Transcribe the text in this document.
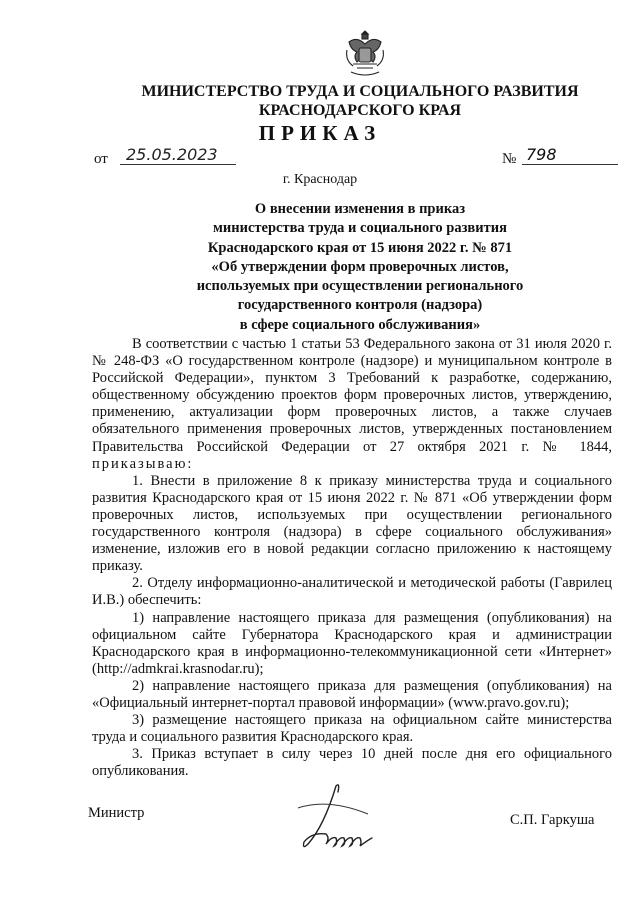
МИНИСТЕРСТВО ТРУДА И СОЦИАЛЬНОГО РАЗВИТИЯ
КРАСНОДАРСКОГО КРАЯ
ПРИКАЗ
от	25.05.2023	№ 798
г. Краснодар
О внесении изменения в приказ
министерства труда и социального развития
Краснодарского края от 15 июня 2022 г. № 871
«Об утверждении форм проверочных листов,
используемых при осуществлении регионального
государственного контроля (надзора)
в сфере социального обслуживания»

В соответствии с частью 1 статьи 53 Федерального закона от 31 июля 2020 г. № 248-ФЗ «О государственном контроле (надзоре) и муниципальном контроле в Российской Федерации», пунктом 3 Требований к разработке, содержанию, общественному обсуждению проектов форм проверочных листов, утверждению, применению, актуализации форм проверочных листов, а также случаев обязательного применения проверочных листов, утвержденных постановлением Правительства Российской Федерации от 27 октября 2021 г. № 1844, приказываю:

1. Внести в приложение 8 к приказу министерства труда и социального развития Краснодарского края от 15 июня 2022 г. № 871 «Об утверждении форм проверочных листов, используемых при осуществлении регионального государственного контроля (надзора) в сфере социального обслуживания» изменение, изложив его в новой редакции согласно приложению к настоящему приказу.

2. Отделу информационно-аналитической и методической работы (Гаврилец И.В.) обеспечить:

1) направление настоящего приказа для размещения (опубликования) на официальном сайте Губернатора Краснодарского края и администрации Краснодарского края в информационно-телекоммуникационной сети «Интернет» (http://admkrai.krasnodar.ru);

2) направление настоящего приказа для размещения (опубликования) на «Официальный интернет-портал правовой информации» (www.pravo.gov.ru);

3) размещение настоящего приказа на официальном сайте министерства труда и социального развития Краснодарского края.

3. Приказ вступает в силу через 10 дней после дня его официального опубликования.

Министр	С.П. Гаркуша
